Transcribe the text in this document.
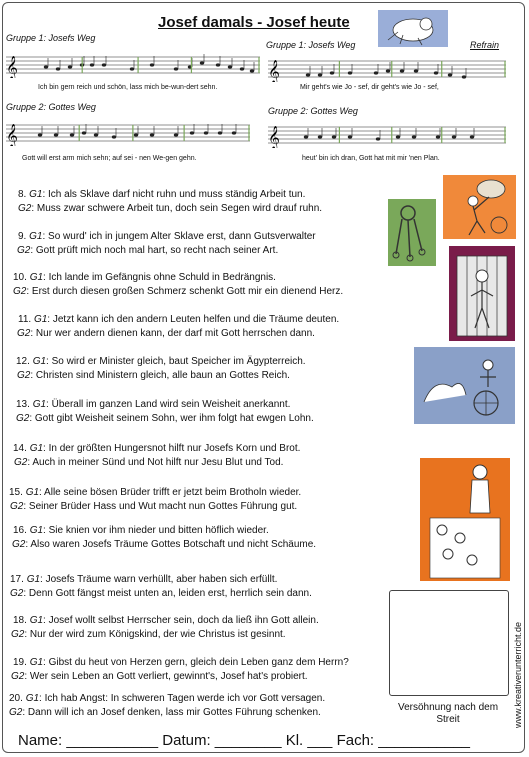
Josef damals - Josef heute
Gruppe 1: Josefs Weg
Gruppe 1: Josefs Weg	Refrain
Gruppe 2: Gottes Weg	Gruppe 2: Gottes Weg
𝄞	𝄞
𝄞	𝄞
Ich bin gern reich und schön, lass mich be-wun-dert sehn.	Mir geht's wie Jo - sef, dir geht's wie Jo - sef,
Gott will erst arm mich sehn; auf sei - nen We-gen gehn.	heut' bin ich dran, Gott hat mit mir 'nen Plan.
8. G1: Ich als Sklave darf nicht ruhn und muss ständig Arbeit tun.
G2: Muss zwar schwere Arbeit tun, doch sein Segen wird drauf ruhn.
9. G1: So wurd' ich in jungem Alter Sklave erst, dann Gutsverwalter
G2: Gott prüft mich noch mal hart, so recht nach seiner Art.
10. G1: Ich lande im Gefängnis ohne Schuld in Bedrängnis.
G2: Erst durch diesen großen Schmerz schenkt Gott mir ein dienend Herz.
11. G1: Jetzt kann ich den andern Leuten helfen und die Träume deuten.
G2: Nur wer andern dienen kann, der darf mit Gott herrschen dann.
12. G1: So wird er Minister gleich, baut Speicher im Ägypterreich.
G2: Christen sind Ministern gleich, alle baun an Gottes Reich.
13. G1: Überall im ganzen Land wird sein Weisheit anerkannt.
G2: Gott gibt Weisheit seinem Sohn, wer ihm folgt hat ewgen Lohn.
14. G1: In der größten Hungersnot hilft nur Josefs Korn und Brot.
G2: Auch in meiner Sünd und Not hilft nur Jesu Blut und Tod.
15. G1: Alle seine bösen Brüder trifft er jetzt beim Brotholn wieder.
G2: Seiner Brüder Hass und Wut macht nun Gottes Führung gut.
16. G1: Sie knien vor ihm nieder und bitten höflich wieder.
G2: Also waren Josefs Träume Gottes Botschaft und nicht Schäume.
17. G1: Josefs Träume warn verhüllt, aber haben sich erfüllt.
G2: Denn Gott fängst meist unten an, leiden erst, herrlich sein dann.
18. G1: Josef wollt selbst Herrscher sein, doch da ließ ihn Gott allein.
G2: Nur der wird zum Königskind, der wie Christus ist gesinnt.
19. G1: Gibst du heut von Herzen gern, gleich dein Leben ganz dem Herrn?
G2: Wer sein Leben an Gott verliert, gewinnt's, Josef hat's probiert.
20. G1: Ich hab Angst: In schweren Tagen werde ich vor Gott versagen.
G2: Dann will ich an Josef denken, lass mir Gottes Führung schenken.	Versöhnung nach dem Streit	www.kreativerunterricht.de
Name: ___________ Datum: ________ Kl. ___ Fach: ___________
